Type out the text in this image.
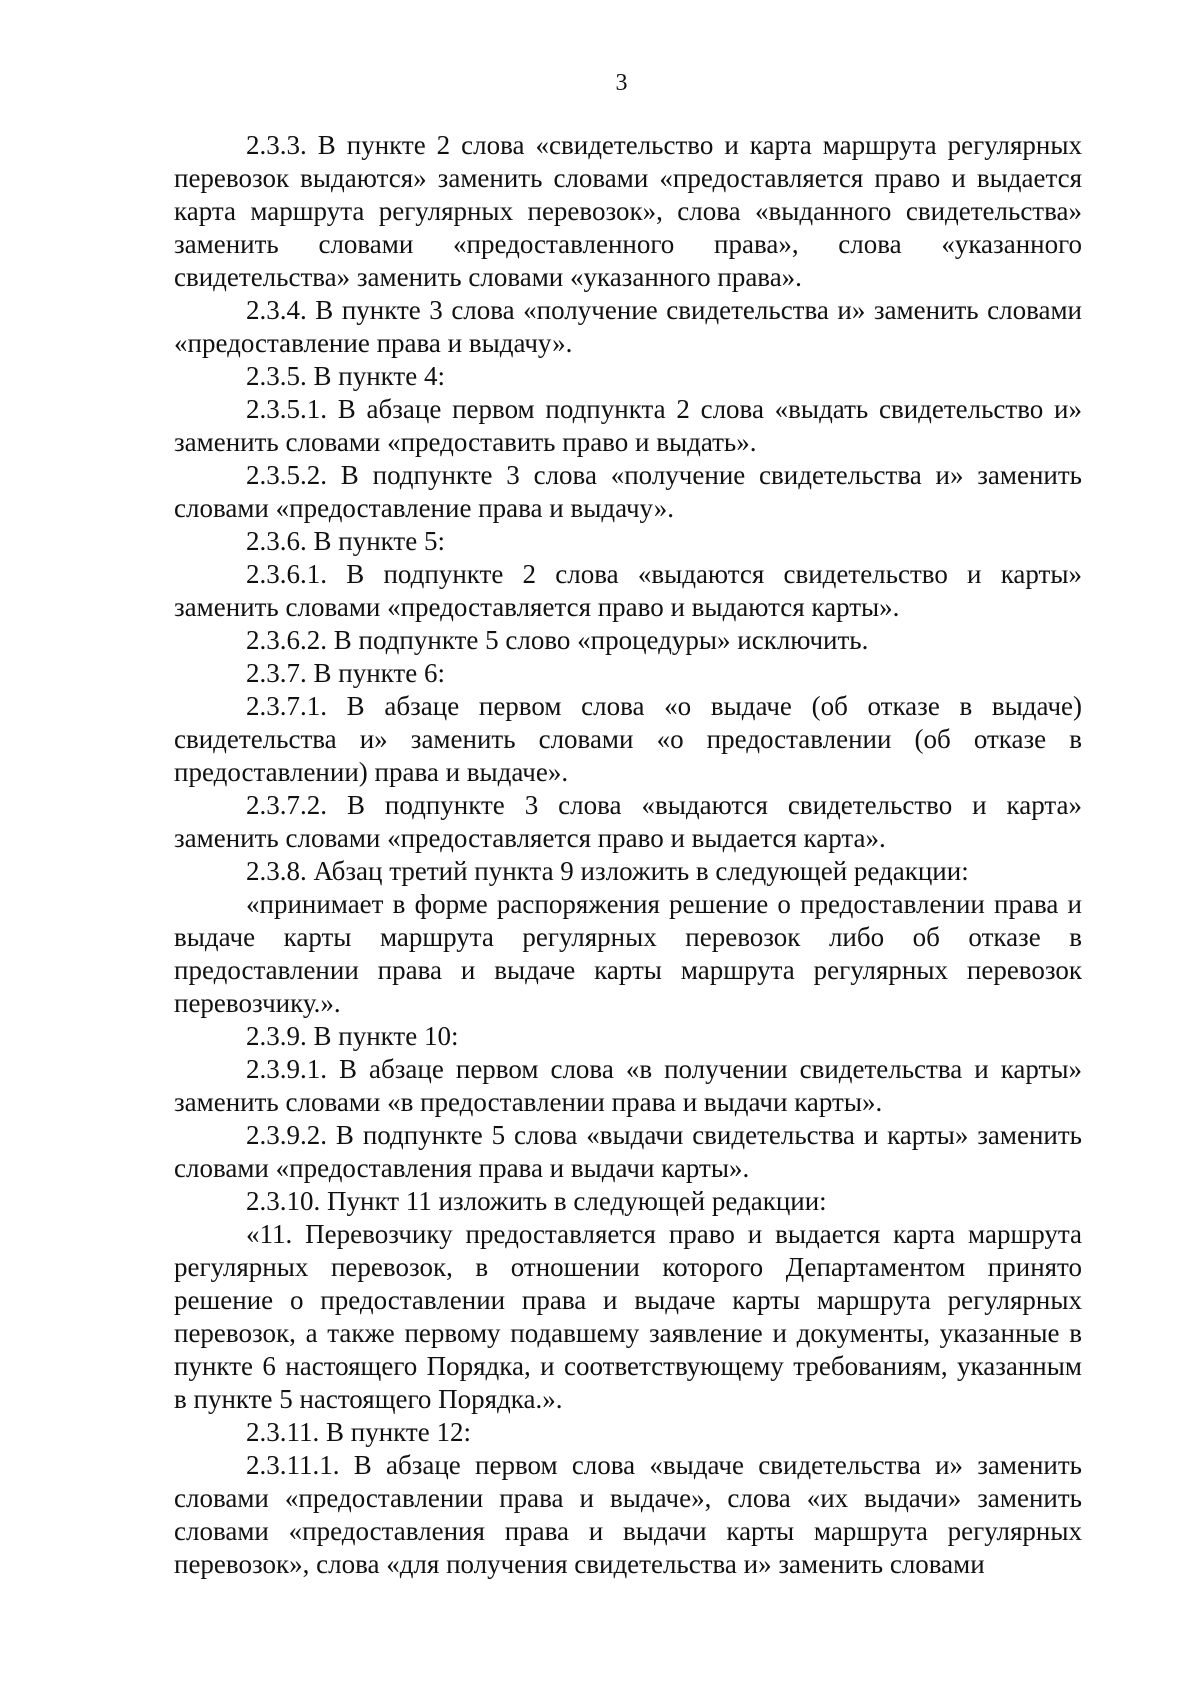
3

2.3.3. В пункте 2 слова «свидетельство и карта маршрута регулярных перевозок выдаются» заменить словами «предоставляется право и выдается карта маршрута регулярных перевозок», слова «выданного свидетельства» заменить словами «предоставленного права», слова «указанного свидетельства» заменить словами «указанного права».

2.3.4. В пункте 3 слова «получение свидетельства и» заменить словами «предоставление права и выдачу».

2.3.5. В пункте 4:

2.3.5.1. В абзаце первом подпункта 2 слова «выдать свидетельство и» заменить словами «предоставить право и выдать».

2.3.5.2. В подпункте 3 слова «получение свидетельства и» заменить словами «предоставление права и выдачу».

2.3.6. В пункте 5:

2.3.6.1. В подпункте 2 слова «выдаются свидетельство и карты» заменить словами «предоставляется право и выдаются карты».

2.3.6.2. В подпункте 5 слово «процедуры» исключить.

2.3.7. В пункте 6:

2.3.7.1. В абзаце первом слова «о выдаче (об отказе в выдаче) свидетельства и» заменить словами «о предоставлении (об отказе в предоставлении) права и выдаче».

2.3.7.2. В подпункте 3 слова «выдаются свидетельство и карта» заменить словами «предоставляется право и выдается карта».

2.3.8. Абзац третий пункта 9 изложить в следующей редакции:

«принимает в форме распоряжения решение о предоставлении права и выдаче карты маршрута регулярных перевозок либо об отказе в предоставлении права и выдаче карты маршрута регулярных перевозок перевозчику.».

2.3.9. В пункте 10:

2.3.9.1. В абзаце первом слова «в получении свидетельства и карты» заменить словами «в предоставлении права и выдачи карты».

2.3.9.2. В подпункте 5 слова «выдачи свидетельства и карты» заменить словами «предоставления права и выдачи карты».

2.3.10. Пункт 11 изложить в следующей редакции:

«11. Перевозчику предоставляется право и выдается карта маршрута регулярных перевозок, в отношении которого Департаментом принято решение о предоставлении права и выдаче карты маршрута регулярных перевозок, а также первому подавшему заявление и документы, указанные в пункте 6 настоящего Порядка, и соответствующему требованиям, указанным в пункте 5 настоящего Порядка.».

2.3.11. В пункте 12:

2.3.11.1. В абзаце первом слова «выдаче свидетельства и» заменить словами «предоставлении права и выдаче», слова «их выдачи» заменить словами «предоставления права и выдачи карты маршрута регулярных перевозок», слова «для получения свидетельства и» заменить словами
